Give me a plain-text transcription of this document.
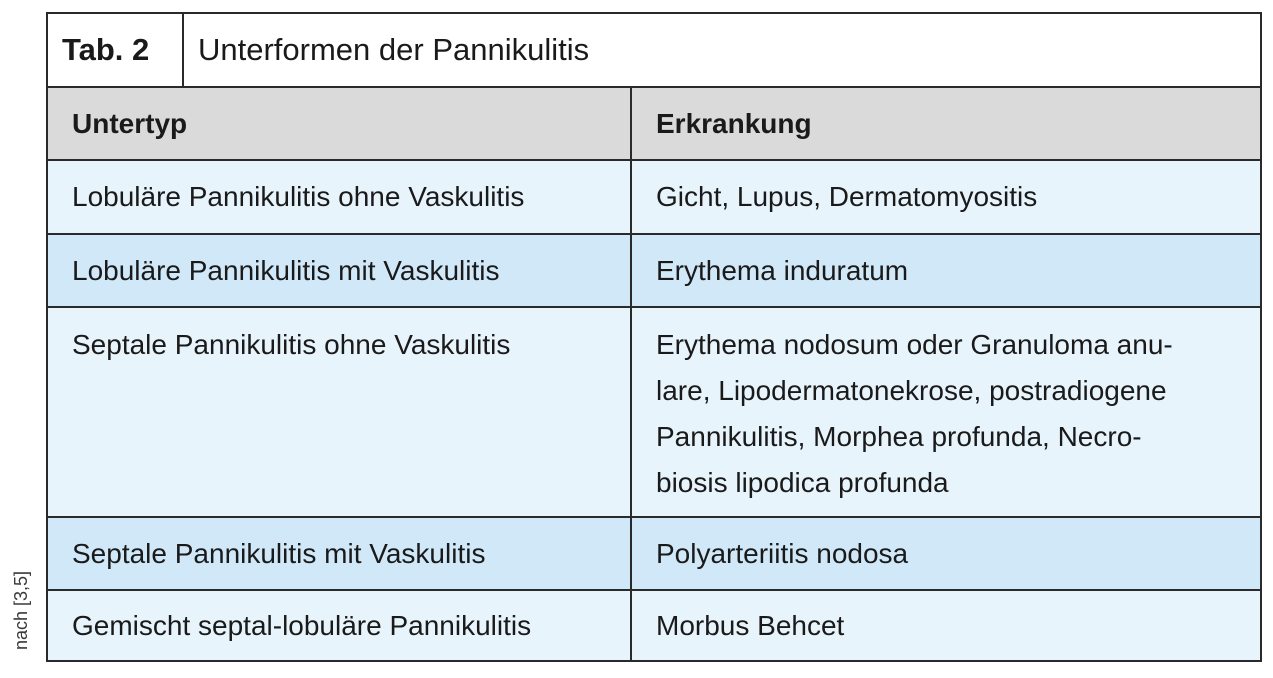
nach [3,5]
Tab. 2	Unterformen der Pannikulitis
Untertyp	Erkrankung
Lobuläre Pannikulitis ohne Vaskulitis	Gicht, Lupus, Dermatomyositis
Lobuläre Pannikulitis mit Vaskulitis	Erythema induratum
Septale Pannikulitis ohne Vaskulitis	Erythema nodosum oder Granuloma anu-
lare, Lipodermatonekrose, postradiogene
Pannikulitis, Morphea profunda, Necro-
biosis lipodica profunda
Septale Pannikulitis mit Vaskulitis	Polyarteriitis nodosa
Gemischt septal-lobuläre Pannikulitis	Morbus Behcet
